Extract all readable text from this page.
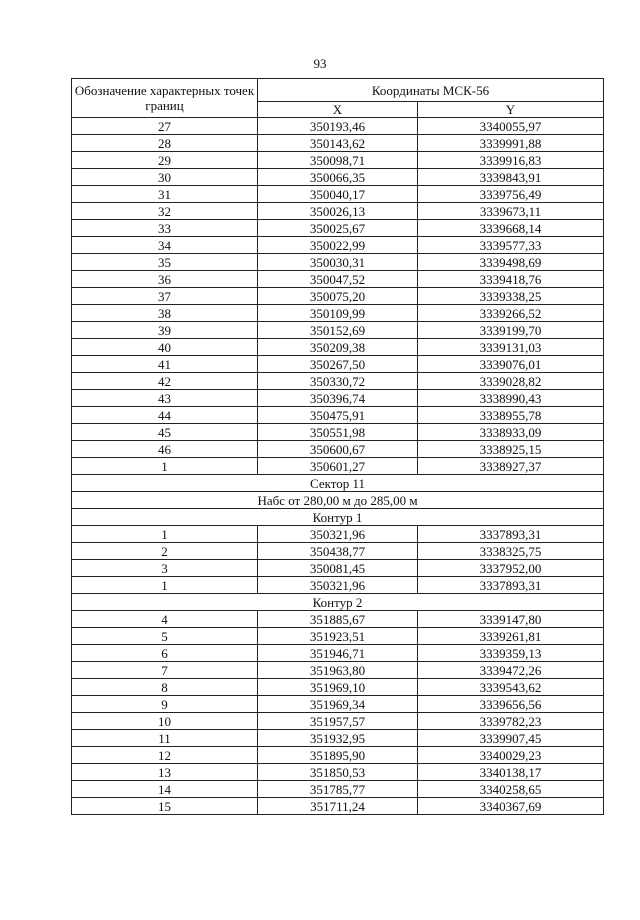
93
Обозначение характерных точек границ	Координаты МСК-56	
	X	Y
27	350193,46	3340055,97
28	350143,62	3339991,88
29	350098,71	3339916,83
30	350066,35	3339843,91
31	350040,17	3339756,49
32	350026,13	3339673,11
33	350025,67	3339668,14
34	350022,99	3339577,33
35	350030,31	3339498,69
36	350047,52	3339418,76
37	350075,20	3339338,25
38	350109,99	3339266,52
39	350152,69	3339199,70
40	350209,38	3339131,03
41	350267,50	3339076,01
42	350330,72	3339028,82
43	350396,74	3338990,43
44	350475,91	3338955,78
45	350551,98	3338933,09
46	350600,67	3338925,15
1	350601,27	3338927,37
Сектор 11		
Набс от 280,00 м до 285,00 м		
Контур 1		
1	350321,96	3337893,31
2	350438,77	3338325,75
3	350081,45	3337952,00
1	350321,96	3337893,31
Контур 2		
4	351885,67	3339147,80
5	351923,51	3339261,81
6	351946,71	3339359,13
7	351963,80	3339472,26
8	351969,10	3339543,62
9	351969,34	3339656,56
10	351957,57	3339782,23
11	351932,95	3339907,45
12	351895,90	3340029,23
13	351850,53	3340138,17
14	351785,77	3340258,65
15	351711,24	3340367,69
